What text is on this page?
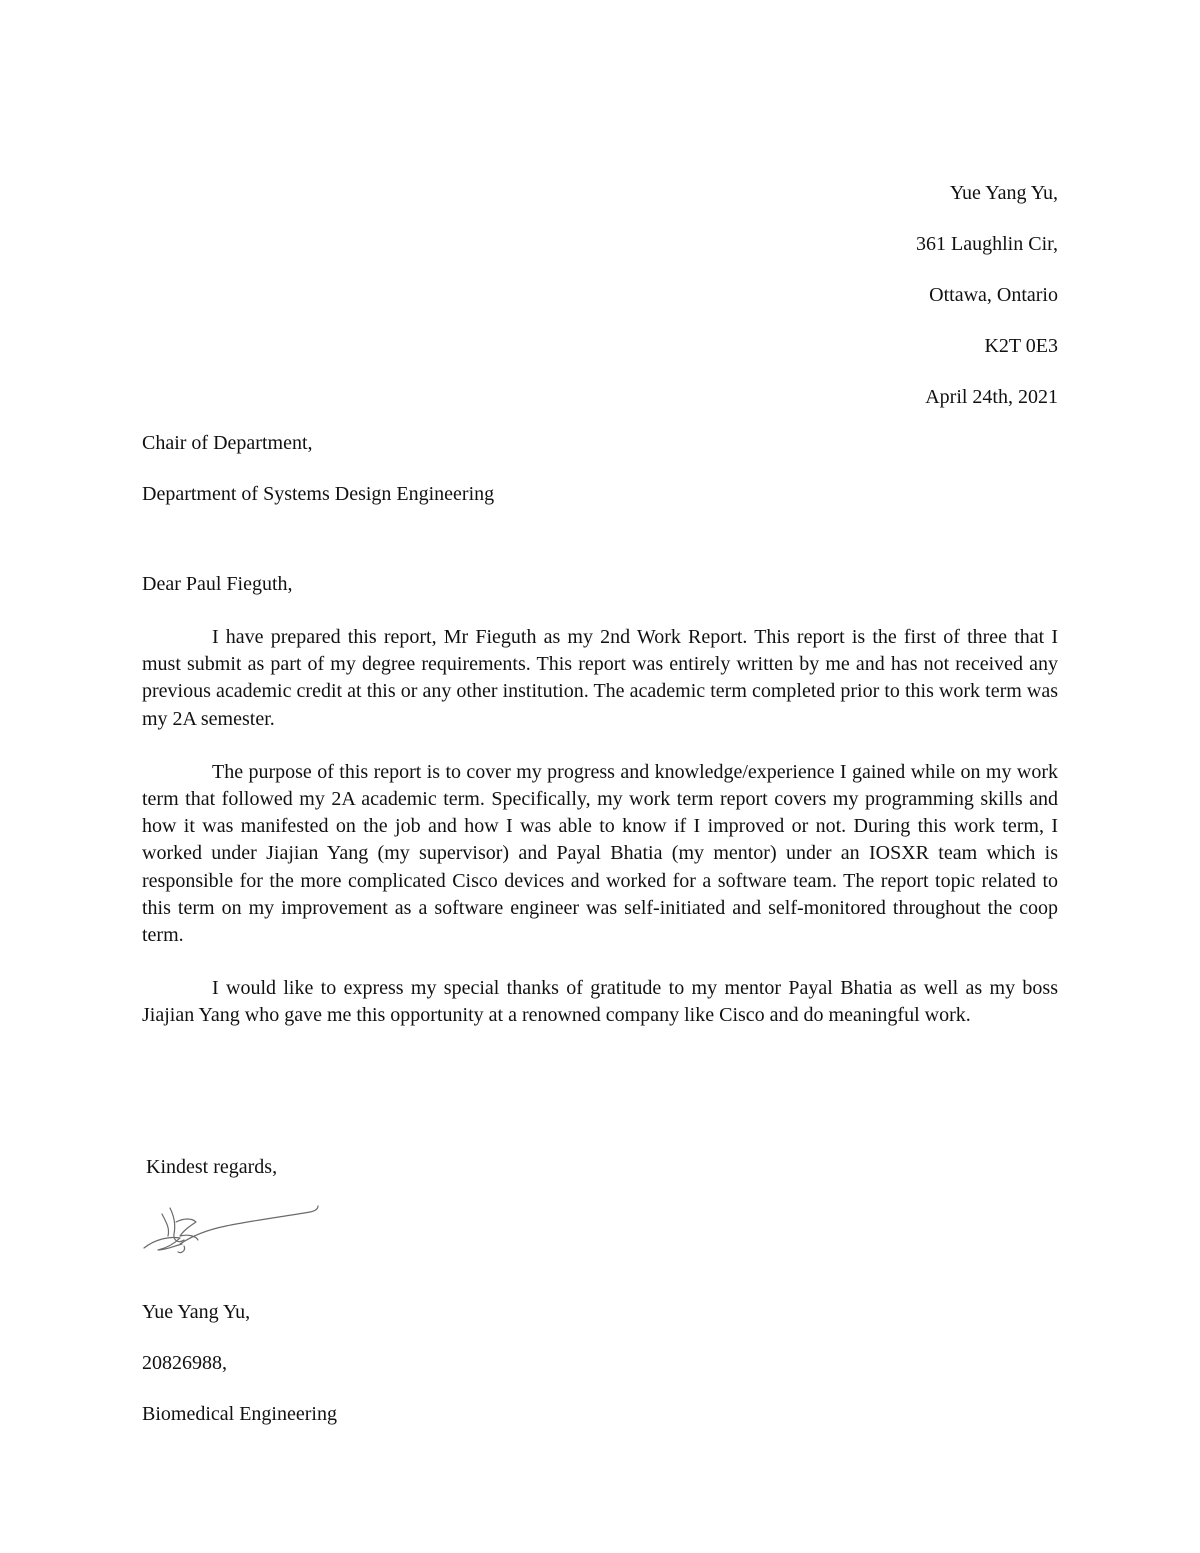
Yue Yang Yu,
361 Laughlin Cir,
Ottawa, Ontario
K2T 0E3
April 24th, 2021
Chair of Department,
Department of Systems Design Engineering
Dear Paul Fieguth,

I have prepared this report, Mr Fieguth as my 2nd Work Report. This report is the first of three that I must submit as part of my degree requirements. This report was entirely written by me and has not received any previous academic credit at this or any other institution. The academic term completed prior to this work term was my 2A semester.

The purpose of this report is to cover my progress and knowledge/experience I gained while on my work term that followed my 2A academic term. Specifically, my work term report covers my programming skills and how it was manifested on the job and how I was able to know if I improved or not. During this work term, I worked under Jiajian Yang (my supervisor) and Payal Bhatia (my mentor) under an IOSXR team which is responsible for the more complicated Cisco devices and worked for a software team. The report topic related to this term on my improvement as a software engineer was self-initiated and self-monitored throughout the coop term.

I would like to express my special thanks of gratitude to my mentor Payal Bhatia as well as my boss Jiajian Yang who gave me this opportunity at a renowned company like Cisco and do meaningful work.

Kindest regards,
Yue Yang Yu,
20826988,
Biomedical Engineering
